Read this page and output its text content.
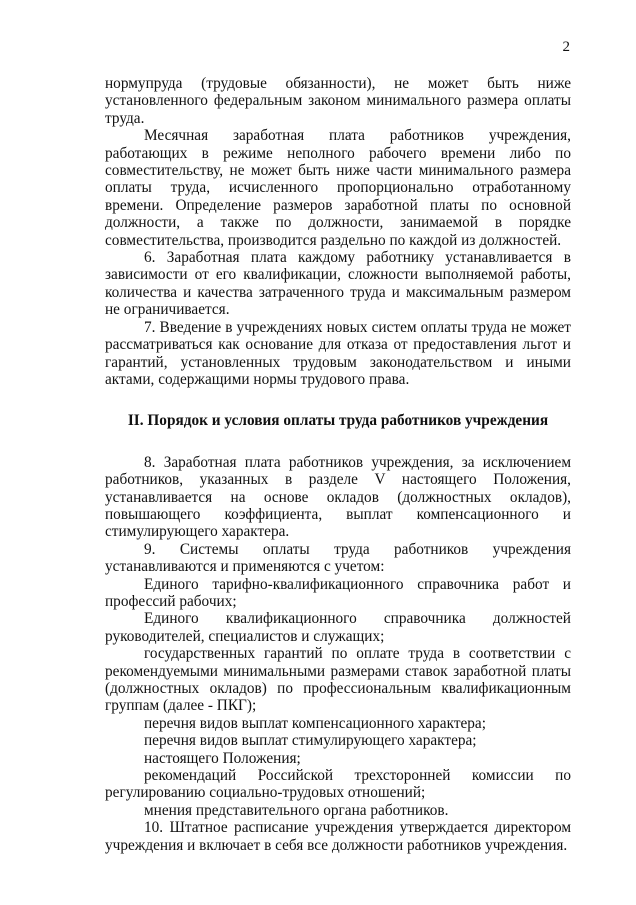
2

нормупруда (трудовые обязанности), не может быть ниже установленного федеральным законом минимального размера оплаты труда.

Месячная заработная плата работников учреждения, работающих в режиме неполного рабочего времени либо по совместительству, не может быть ниже части минимального размера оплаты труда, исчисленного пропорционально отработанному времени. Определение размеров заработной платы по основной должности, а также по должности, занимаемой в порядке совместительства, производится раздельно по каждой из должностей.

6. Заработная плата каждому работнику устанавливается в зависимости от его квалификации, сложности выполняемой работы, количества и качества затраченного труда и максимальным размером не ограничивается.

7. Введение в учреждениях новых систем оплаты труда не может рассматриваться как основание для отказа от предоставления льгот и гарантий, установленных трудовым законодательством и иными актами, содержащими нормы трудового права.

II. Порядок и условия оплаты труда работников учреждения

8. Заработная плата работников учреждения, за исключением работников, указанных в разделе V настоящего Положения, устанавливается на основе окладов (должностных окладов), повышающего коэффициента, выплат компенсационного и стимулирующего характера.

9. Системы оплаты труда работников учреждения устанавливаются и применяются с учетом:

Единого тарифно-квалификационного справочника работ и профессий рабочих;

Единого квалификационного справочника должностей руководителей, специалистов и служащих;

государственных гарантий по оплате труда в соответствии с рекомендуемыми минимальными размерами ставок заработной платы (должностных окладов) по профессиональным квалификационным группам (далее - ПКГ);

перечня видов выплат компенсационного характера;

перечня видов выплат стимулирующего характера;

настоящего Положения;

рекомендаций Российской трехсторонней комиссии по регулированию социально-трудовых отношений;

мнения представительного органа работников.

10. Штатное расписание учреждения утверждается директором учреждения и включает в себя все должности работников учреждения.
